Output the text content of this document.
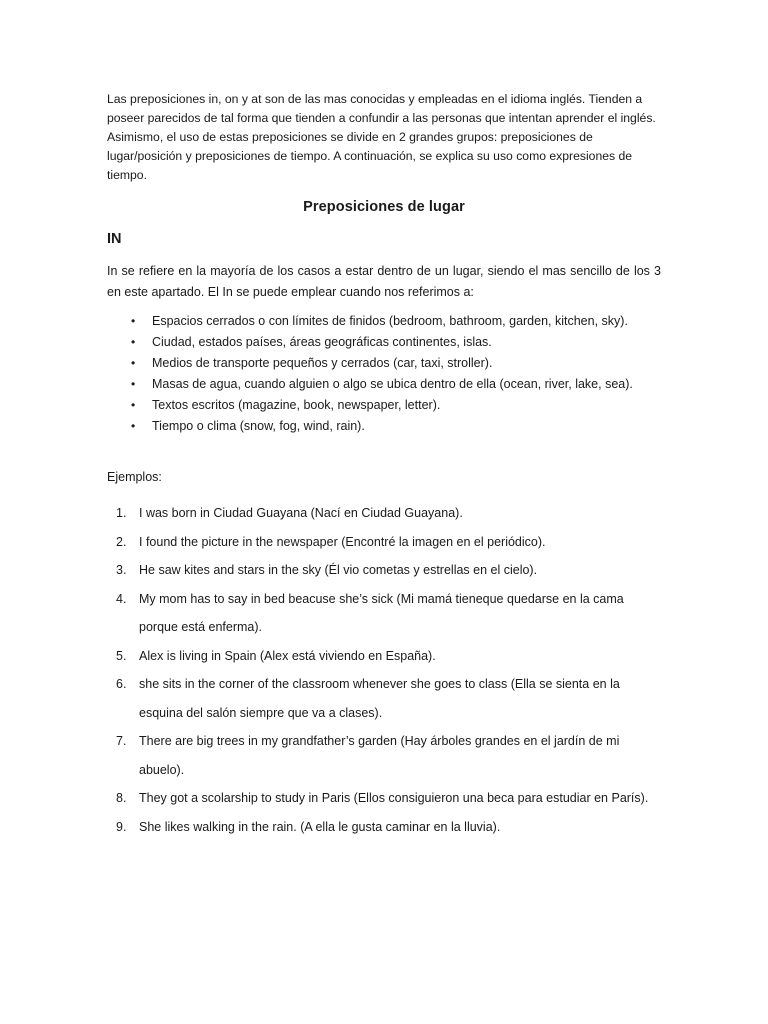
Las preposiciones in, on y at son de las mas conocidas y empleadas en el idioma inglés. Tienden a poseer parecidos de tal forma que tienden a confundir a las personas que intentan aprender el inglés. Asimismo, el uso de estas preposiciones se divide en 2 grandes grupos: preposiciones de lugar/posición y preposiciones de tiempo. A continuación, se explica su uso como expresiones de tiempo.

Preposiciones de lugar
IN

In se refiere en la mayoría de los casos a estar dentro de un lugar, siendo el mas sencillo de los 3 en este apartado. El In se puede emplear cuando nos referimos a:

• Espacios cerrados o con límites de finidos (bedroom, bathroom, garden, kitchen, sky).
• Ciudad, estados países, áreas geográficas continentes, islas.
• Medios de transporte pequeños y cerrados (car, taxi, stroller).
• Masas de agua, cuando alguien o algo se ubica dentro de ella (ocean, river, lake, sea).
• Textos escritos (magazine, book, newspaper, letter).
• Tiempo o clima (snow, fog, wind, rain).

Ejemplos:

1. I was born in Ciudad Guayana (Nací en Ciudad Guayana).
2. I found the picture in the newspaper (Encontré la imagen en el periódico).
3. He saw kites and stars in the sky (Él vio cometas y estrellas en el cielo).
4. My mom has to say in bed beacuse she’s sick (Mi mamá tieneque quedarse en la cama porque está enferma).
5. Alex is living in Spain (Alex está viviendo en España).
6. she sits in the corner of the classroom whenever she goes to class (Ella se sienta en la esquina del salón siempre que va a clases).
7. There are big trees in my grandfather’s garden (Hay árboles grandes en el jardín de mi abuelo).
8. They got a scolarship to study in Paris (Ellos consiguieron una beca para estudiar en París).
9. She likes walking in the rain. (A ella le gusta caminar en la lluvia).
